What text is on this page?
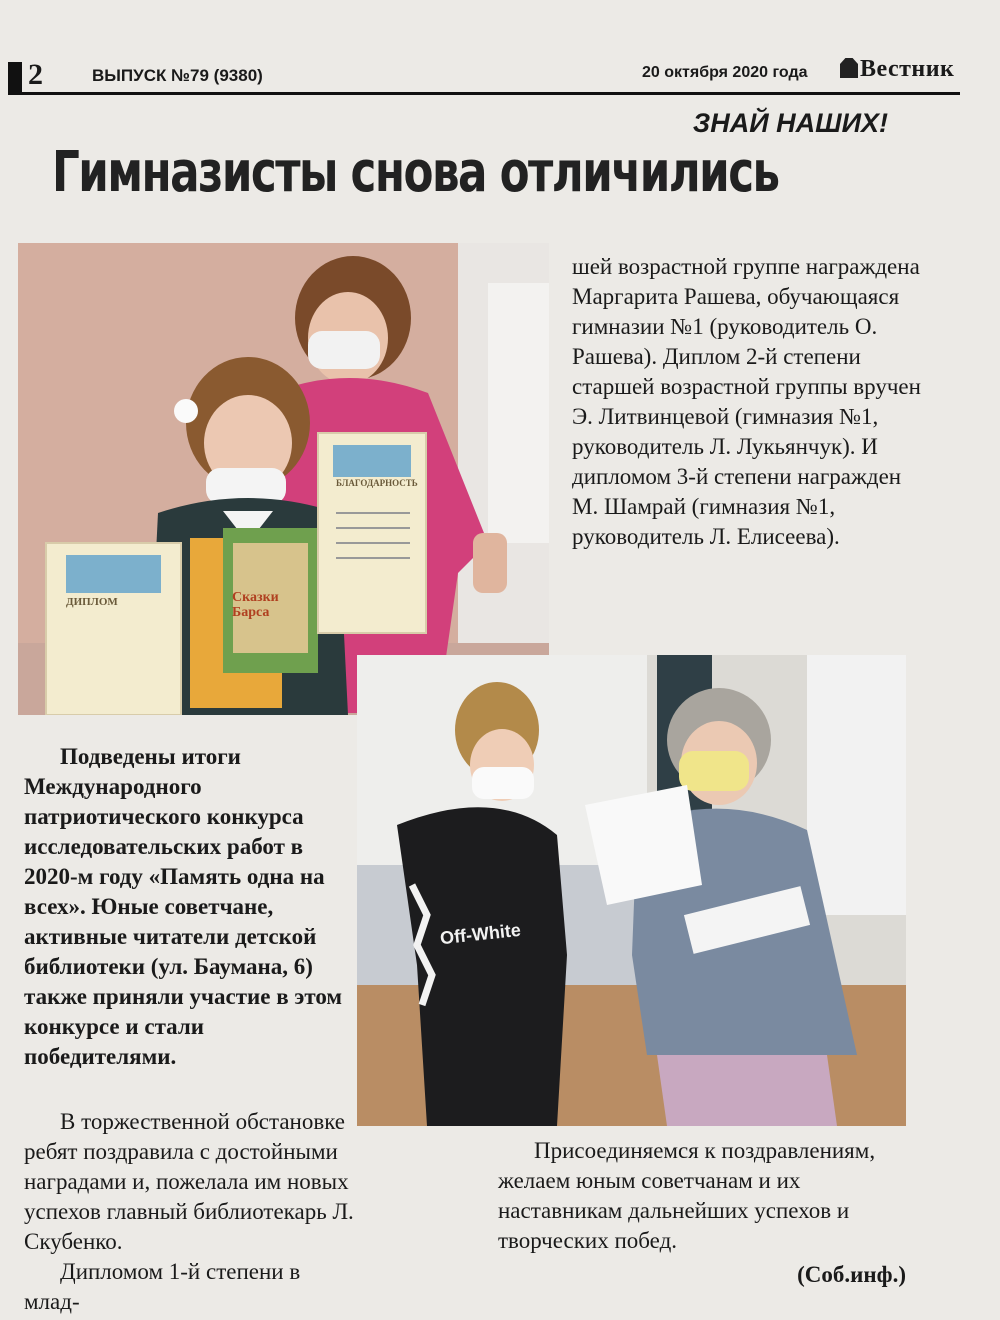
2	ВЫПУСК №79 (9380)	20 октября 2020 года	Вестник
ЗНАЙ НАШИХ!
Гимназисты снова отличились
ДИПЛОМ
БЛАГОДАРНОСТЬ
Сказки Барса
Off-White

шей возрастной группе награждена Маргарита Рашева, обучающаяся гимназии №1 (руководитель О. Рашева). Диплом 2-й степени старшей возрастной группы вручен Э. Литвинцевой (гимназия №1, руководитель Л. Лукьянчук). И дипломом 3-й степени награжден М. Шамрай (гимназия №1, руководитель Л. Елисеева).

Подведены итоги Международного патриотического конкурса исследовательских работ в 2020-м году «Память одна на всех». Юные советчане, активные читатели детской библиотеки (ул. Баумана, 6) также приняли участие в этом конкурсе и стали победителями.

В торжественной обстановке ребят поздравила с достойными наградами и, пожелала им новых успехов главный библиотекарь Л. Скубенко.

Дипломом 1-й степени в млад-

Присоединяемся к поздравлениям, желаем юным советчанам и их наставникам дальнейших успехов и творческих побед.

(Соб.инф.)
